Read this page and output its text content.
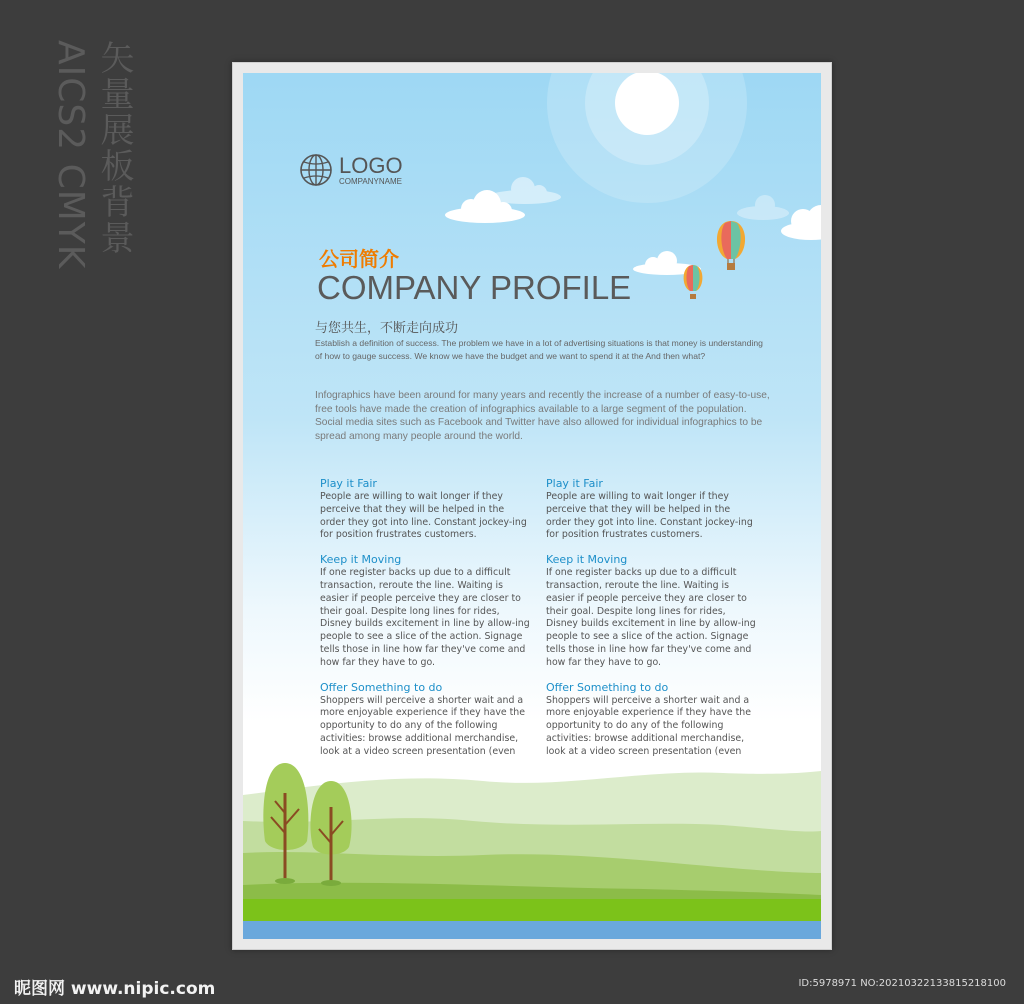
矢量展板背景
AICS2 CMYK	LOGO
COMPANYNAME
公司简介
COMPANY PROFILE
与您共生，不断走向成功
Establish a definition of success. The problem we have in a lot of advertising situations is that money is understanding of how to gauge success. We know we have the budget and we want to spend it at the And then what?
Infographics have been around for many years and recently the increase of a number of easy-to-use, free tools have made the creation of infographics available to a large segment of the population. Social media sites such as Facebook and Twitter have also allowed for individual infographics to be spread among many people around the world.
Play it Fair

People are willing to wait longer if they perceive that they will be helped in the order they got into line. Constant jockey-ing for position frustrates customers.

Keep it Moving

If one register backs up due to a difficult transaction, reroute the line. Waiting is easier if people perceive they are closer to their goal. Despite long lines for rides, Disney builds excitement in line by allow-ing people to see a slice of the action. Signage tells those in line how far they've come and how far they have to go.

Offer Something to do

Shoppers will perceive a shorter wait and a more enjoyable experience if they have the opportunity to do any of the following activities: browse additional merchandise, look at a video screen presentation (even

Play it Fair

People are willing to wait longer if they perceive that they will be helped in the order they got into line. Constant jockey-ing for position frustrates customers.

Keep it Moving

If one register backs up due to a difficult transaction, reroute the line. Waiting is easier if people perceive they are closer to their goal. Despite long lines for rides, Disney builds excitement in line by allow-ing people to see a slice of the action. Signage tells those in line how far they've come and how far they have to go.

Offer Something to do

Shoppers will perceive a shorter wait and a more enjoyable experience if they have the opportunity to do any of the following activities: browse additional merchandise, look at a video screen presentation (even

昵图网 www.nipic.com	ID:5978971 NO:20210322133815218100
